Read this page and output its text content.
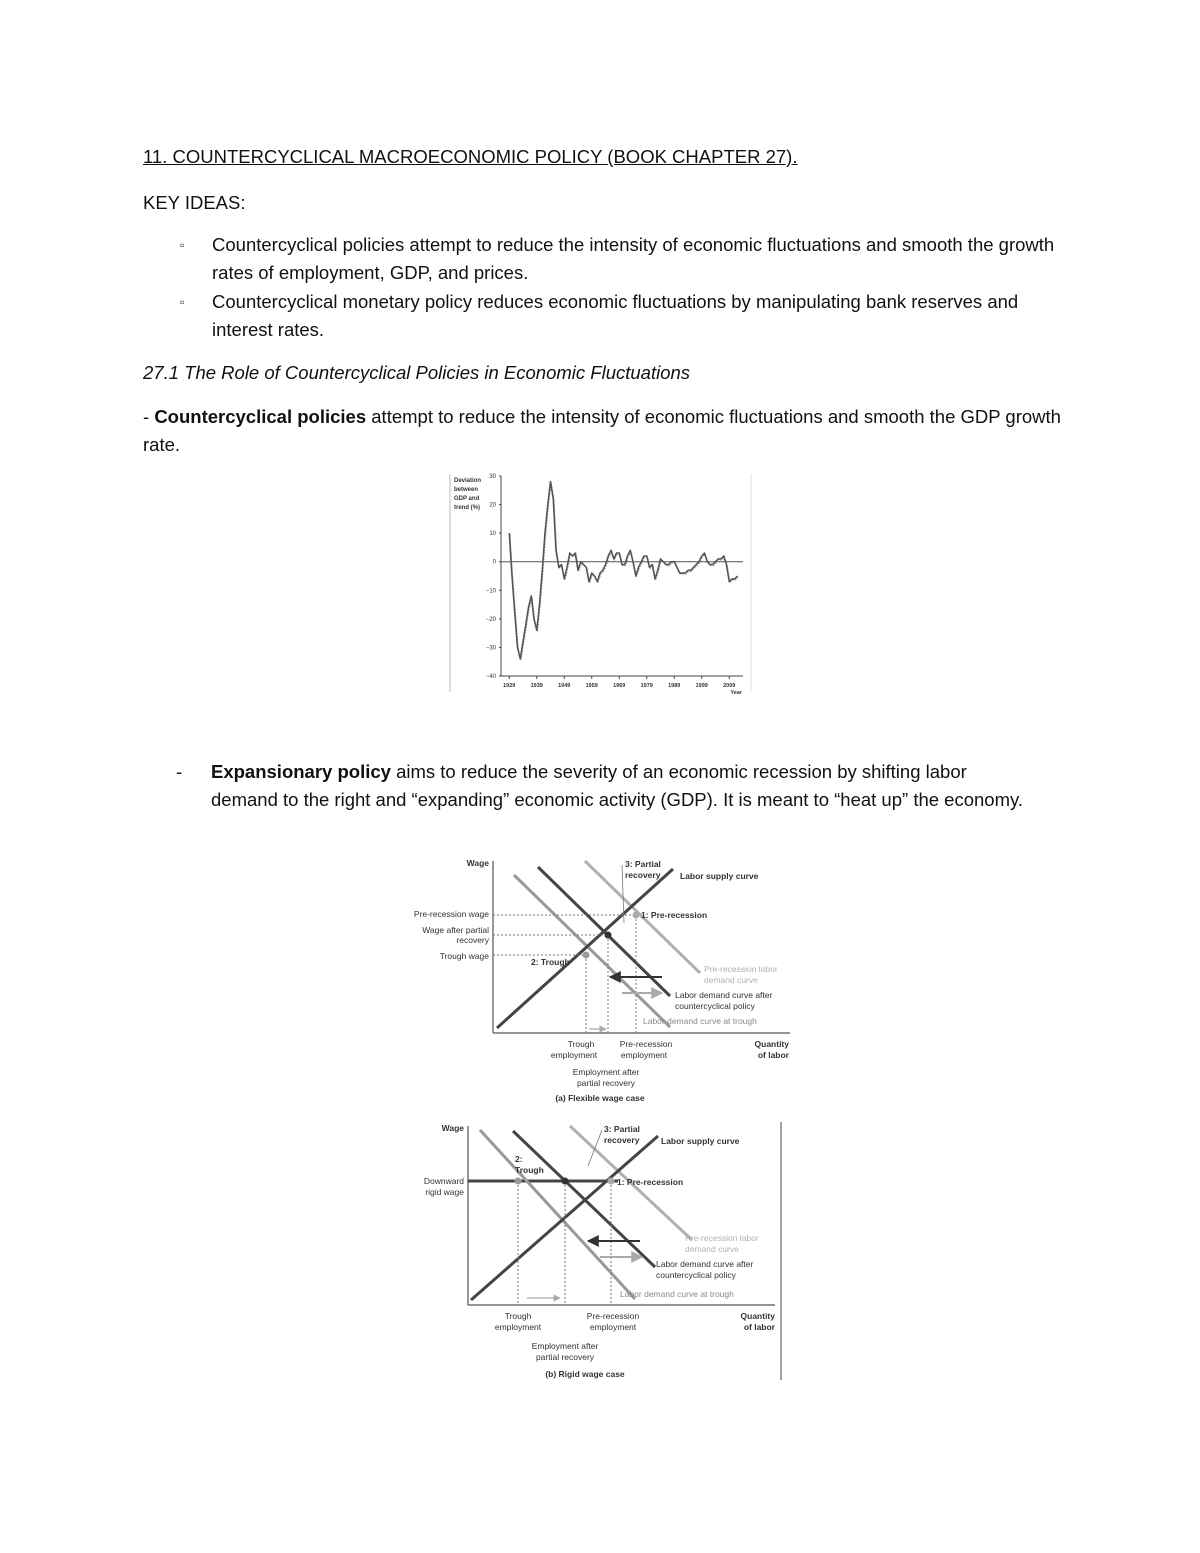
11. COUNTERCYCLICAL MACROECONOMIC POLICY (BOOK CHAPTER 27).

KEY IDEAS:

▫ Countercyclical policies attempt to reduce the intensity of economic fluctuations and smooth the growth rates of employment, GDP, and prices.
▫ Countercyclical monetary policy reduces economic fluctuations by manipulating bank reserves and interest rates.

27.1 The Role of Countercyclical Policies in Economic Fluctuations

- Countercyclical policies attempt to reduce the intensity of economic fluctuations and smooth the GDP growth rate.

Deviation
between
GDP and
trend (%)
30
20
10
0
−10
−20
−30
−40
1929	1939	1949	1959	1969	1979	1989	1999	2009
Year
- Expansionary policy aims to reduce the severity of an economic recession by shifting labor demand to the right and “expanding” economic activity (GDP). It is meant to “heat up” the economy.
Wage
Pre-recession wage
Wage after partial
recovery
Trough wage
3: Partial
recovery Labor supply curve
1: Pre-recession
2: Trough
Pre-recession labor
demand curve
Labor demand curve after
countercyclical policy
Labor demand curve at trough
Trough
employment
Pre-recession
employment
Employment after
partial recovery
(a) Flexible wage case
Quantity
of labor
Wage
Downward
rigid wage
3: Partial
recovery
2:
Trough
1: Pre-recession
Labor supply curve
Pre-recession labor
demand curve
Labor demand curve after
countercyclical policy
Labor demand curve at trough
Trough
employment
Pre-recession
employment
Employment after
partial recovery
(b) Rigid wage case
Quantity
of labor
